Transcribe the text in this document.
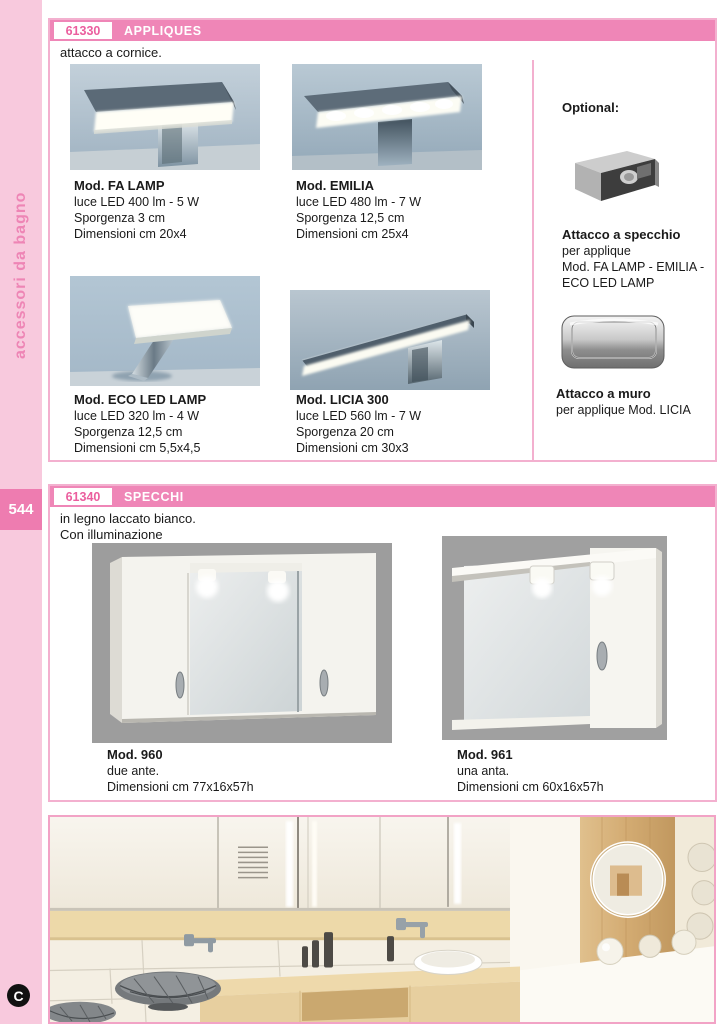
accessori da bagno
544
C
61330	APPLIQUES

attacco a cornice.

Mod. FA LAMP
luce LED 400 lm - 5 W
Sporgenza 3 cm
Dimensioni cm 20x4
Mod. EMILIA
luce LED 480 lm - 7 W
Sporgenza 12,5 cm
Dimensioni cm 25x4
Mod. ECO LED LAMP
luce LED 320 lm - 4 W
Sporgenza 12,5 cm
Dimensioni cm 5,5x4,5
Mod. LICIA 300
luce LED 560 lm - 7 W
Sporgenza 20 cm
Dimensioni cm 30x3
Optional:
Attacco a specchio
per applique
Mod. FA LAMP - EMILIA -
ECO LED LAMP
Attacco a muro
per applique Mod. LICIA
61340	SPECCHI

in legno laccato bianco.
Con illuminazione

Mod. 960
due ante.
Dimensioni cm 77x16x57h
Mod. 961
una anta.
Dimensioni cm 60x16x57h
